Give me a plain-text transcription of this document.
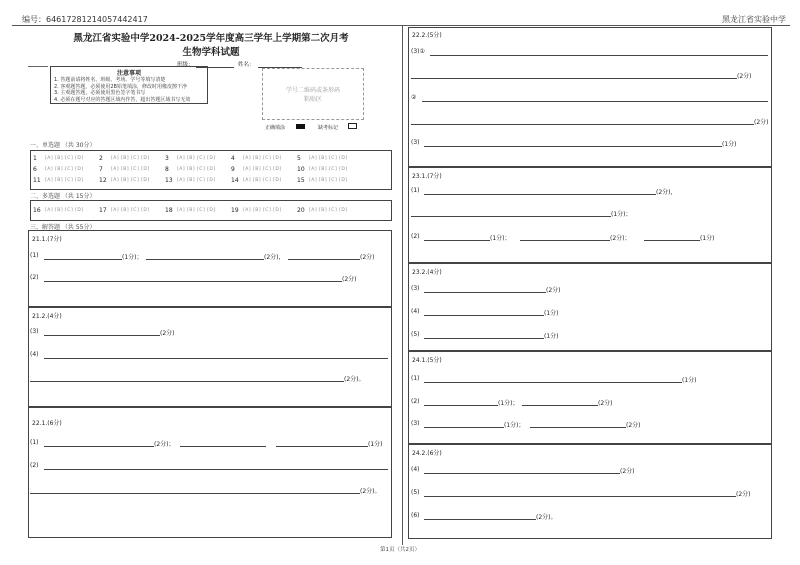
编号：6461728121405744​2417	黑龙江省实验中学
黑龙江省实验中学2024-2025学年度高三学年上学期第二次月考
生物学科试题
班级：	姓名：
注意事项
1. 答题前请将姓名、班级、考场、学号等填写清楚
2. 客观题答题，必须使用2B铅笔填涂，修改时用橡皮擦干净
3. 主观题答题，必须使用黑色签字笔书写
4. 必须在题号对应的答题区域内作答，超出答题区域书写无效
学号二维码或条形码
粘贴区
正确填涂	缺考标记
一、单选题 （共 30分）
1 [A] [B] [C] [D]	2 [A] [B] [C] [D]	3 [A] [B] [C] [D]	4 [A] [B] [C] [D]	5 [A] [B] [C] [D]
6 [A] [B] [C] [D]	7 [A] [B] [C] [D]	8 [A] [B] [C] [D]	9 [A] [B] [C] [D]	10 [A] [B] [C] [D]
11 [A] [B] [C] [D]	12 [A] [B] [C] [D]	13 [A] [B] [C] [D]	14 [A] [B] [C] [D]	15 [A] [B] [C] [D]
二、多选题 （共 15分）
16 [A] [B] [C] [D]	17 [A] [B] [C] [D]	18 [A] [B] [C] [D]	19 [A] [B] [C] [D]	20 [A] [B] [C] [D]
三、解答题 （共 55分）
21.1.(7分)
(1)	(1分)；	(2分)，	(2分)
(2)	(2分)
21.2.(4分)
(3)	(2分)
(4)
(2分)。
22.1.(6分)
(1)	(2分)；	(1分)
(2)
(2分)。
22.2.(5分)
(3)①
(2分)
②
(2分)
(3)	(1分)
23.1.(7分)
(1)	(2分)，
(1分)；
(2)	(1分)；	(2分)；	(1分)
23.2.(4分)
(3)	(2分)
(4)	(1分)
(5)	(1分)
24.1.(5分)
(1)	(1分)
(2)	(1分)；	(2分)
(3)	(1分)；	(2分)
24.2.(6分)
(4)	(2分)
(5)	(2分)
(6)	(2分)。
第1页（共2页）
